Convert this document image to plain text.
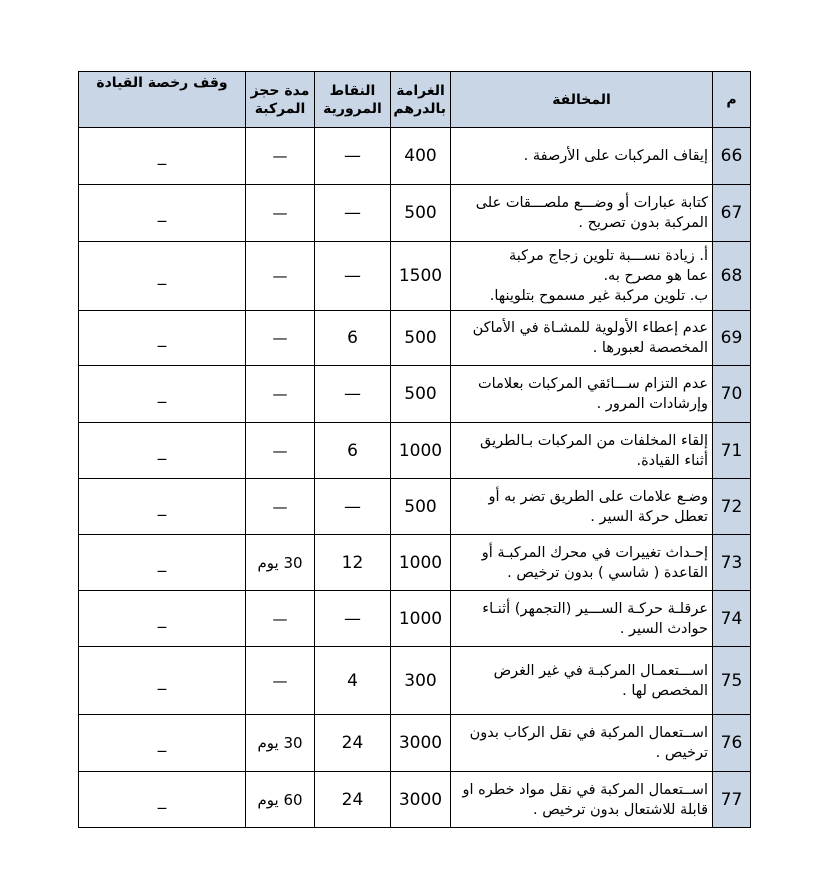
م	المخالفة	الغرامة بالدرهم	النقاط المرورية	مدة حجز المركبة	وقف رخصة القيادة
66	إيقاف المركبات على الأرصفة .	400	—	—	_
67	كتابة عبارات أو وضـــع ملصـــقات على
المركبة بدون تصريح .	500	—	—	_
68	أ. زيادة نســـبة تلوين زجاج مركبة
عما هو مصرح به.
ب. تلوين مركبة غير مسموح بتلوينها.	1500	—	—	_
69	عدم إعطاء الأولوية للمشـاة في الأماكن
المخصصة لعبورها .	500	6	—	_
70	عدم التزام ســـائقي المركبات بعلامات
وإرشادات المرور .	500	—	—	_
71	إلقاء المخلفات من المركبات بـالطريق
أثناء القيادة.	1000	6	—	_
72	وضـع علامات على الطريق تضر به أو
تعطل حركة السير .	500	—	—	_
73	إحـداث تغييرات في محرك المركبـة أو
القاعدة ( شاسي ) بدون ترخيص .	1000	12	30 يوم	_
74	عرقلـة حركـة الســـير (التجمهر) أثنـاء
حوادث السير .	1000	—	—	_
75	اســـتعمـال المركبـة في غير الغرض
المخصص لها .	300	4	—	_
76	اســتعمال المركبة في نقل الركاب بدون
ترخيص .	3000	24	30 يوم	_
77	اســتعمال المركبة في نقل مواد خطره او
قابلة للاشتعال بدون ترخيص .	3000	24	60 يوم	_
